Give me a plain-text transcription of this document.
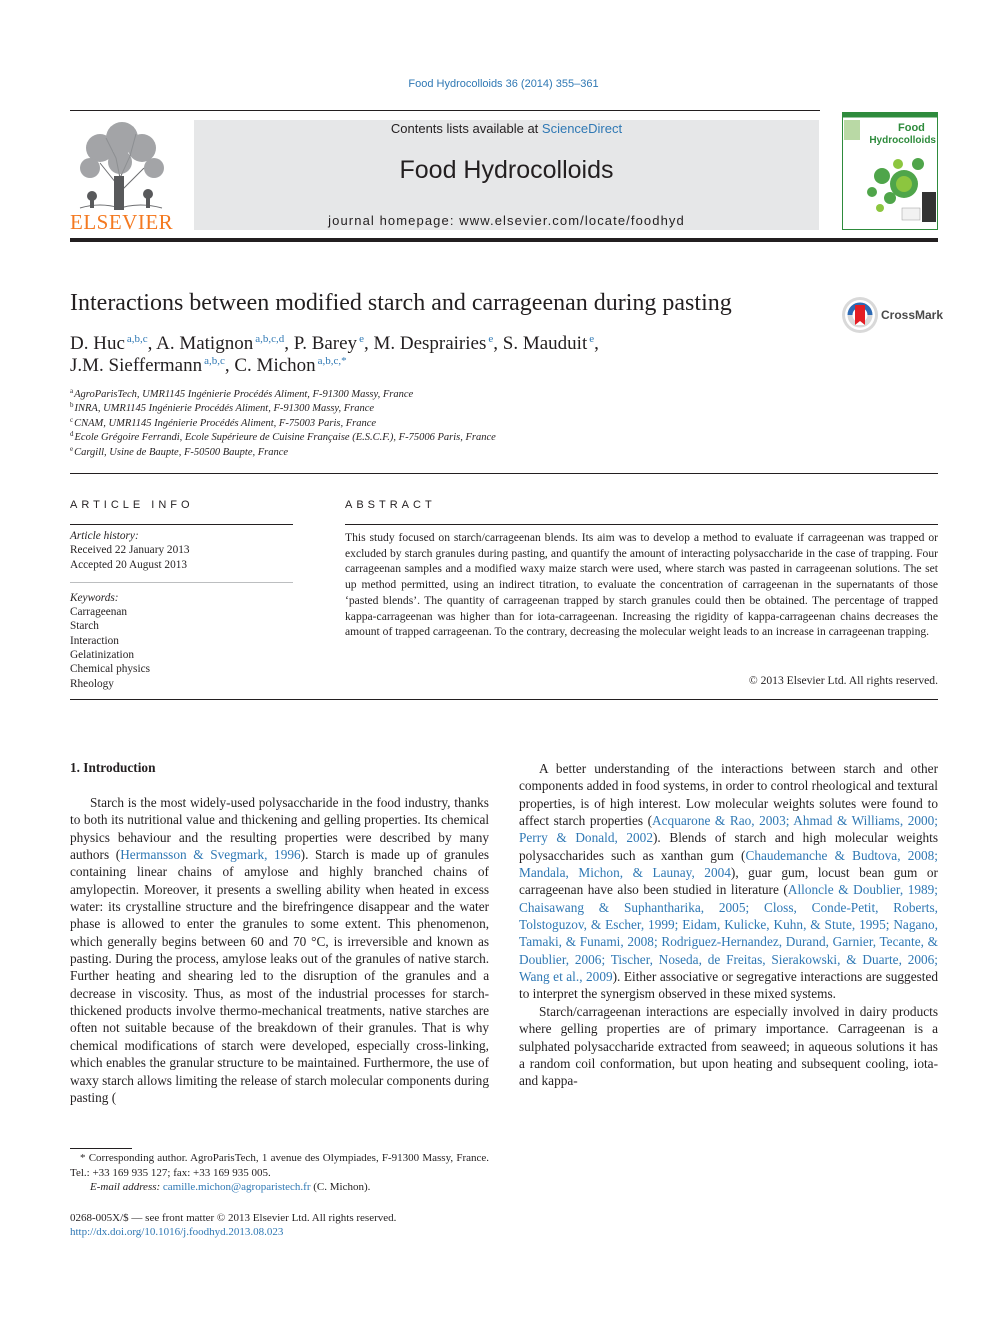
Food Hydrocolloids 36 (2014) 355–361
ELSEVIER
Contents lists available at ScienceDirect
Food Hydrocolloids
journal homepage: www.elsevier.com/locate/foodhyd
Food
Hydrocolloids
Interactions between modified starch and carrageenan during pasting	CrossMark
D. Huc $^{a,b,c}$, A. Matignon $^{a,b,c,d}$, P. Barey $^e$, M. Desprairies $^e$, S. Mauduit $^e$,
J.M. Sieffermann $^{a,b,c}$, C. Michon $^{a,b,c,*}$
$^a$AgroParisTech, UMR1145 Ingénierie Procédés Aliment, F-91300 Massy, France
$^b$INRA, UMR1145 Ingénierie Procédés Aliment, F-91300 Massy, France
$^c$CNAM, UMR1145 Ingénierie Procédés Aliment, F-75003 Paris, France
$^d$Ecole Grégoire Ferrandi, Ecole Supérieure de Cuisine Française (E.S.C.F.), F-75006 Paris, France
$^e$Cargill, Usine de Baupte, F-50500 Baupte, France
ARTICLE INFO
Article history:
Received 22 January 2013
Accepted 20 August 2013
Keywords:
Carrageenan
Starch
Interaction
Gelatinization
Chemical physics
Rheology
ABSTRACT
This study focused on starch/carrageenan blends. Its aim was to develop a method to evaluate if carrageenan was trapped or excluded by starch granules during pasting, and quantify the amount of interacting polysaccharide in the case of trapping. Four carrageenan samples and a modified waxy maize starch were used, where starch was pasted in carrageenan solutions. The set up method permitted, using an indirect titration, to evaluate the concentration of carrageenan in the supernatants of those ‘pasted blends’. The quantity of carrageenan trapped by starch granules could then be obtained. The percentage of trapped kappa-carrageenan was higher than for iota-carrageenan. Increasing the rigidity of kappa-carrageenan chains decreases the amount of trapped carrageenan. To the contrary, decreasing the molecular weight leads to an increase in carrageenan trapping.
© 2013 Elsevier Ltd. All rights reserved.
1. Introduction

Starch is the most widely-used polysaccharide in the food industry, thanks to both its nutritional value and thickening and gelling properties. Its chemical physics behaviour and the resulting properties were described by many authors (Hermansson & Svegmark, 1996). Starch is made up of granules containing linear chains of amylose and highly branched chains of amylopectin. Moreover, it presents a swelling ability when heated in excess water: its crystalline structure and the birefringence disappear and the water phase is allowed to enter the granules to some extent. This phenomenon, which generally begins between 60 and 70 °C, is irreversible and known as pasting. During the process, amylose leaks out of the granules of native starch. Further heating and shearing led to the disruption of the granules and a decrease in viscosity. Thus, as most of the industrial processes for starch-thickened products involve thermo-mechanical treatments, native starches are often not suitable because of the breakdown of their granules. That is why chemical modifications of starch were developed, especially cross-linking, which enables the granular structure to be maintained. Furthermore, the use of waxy starch allows limiting the release of starch molecular components during pasting (

A better understanding of the interactions between starch and other components added in food systems, in order to control rheological and textural properties, is of high interest. Low molecular weights solutes were found to affect starch properties (Acquarone & Rao, 2003; Ahmad & Williams, 2000; Perry & Donald, 2002). Blends of starch and high molecular weights polysaccharides such as xanthan gum (Chaudemanche & Budtova, 2008; Mandala, Michon, & Launay, 2004), guar gum, locust bean gum or carrageenan have also been studied in literature (Alloncle & Doublier, 1989; Chaisawang & Suphantharika, 2005; Closs, Conde-Petit, Roberts, Tolstoguzov, & Escher, 1999; Eidam, Kulicke, Kuhn, & Stute, 1995; Nagano, Tamaki, & Funami, 2008; Rodriguez-Hernandez, Durand, Garnier, Tecante, & Doublier, 2006; Tischer, Noseda, de Freitas, Sierakowski, & Duarte, 2006; Wang et al., 2009). Either associative or segregative interactions are suggested to interpret the synergism observed in these mixed systems.

Starch/carrageenan interactions are especially involved in dairy products where gelling properties are of primary importance. Carrageenan is a sulphated polysaccharide extracted from seaweed; in aqueous solutions it has a random coil conformation, but upon heating and subsequent cooling, iota- and kappa-

* Corresponding author. AgroParisTech, 1 avenue des Olympiades, F-91300 Massy, France. Tel.: +33 169 935 127; fax: +33 169 935 005.

E-mail address: camille.michon@agroparistech.fr (C. Michon).

0268-005X/$ — see front matter © 2013 Elsevier Ltd. All rights reserved.
http://dx.doi.org/10.1016/j.foodhyd.2013.08.023
